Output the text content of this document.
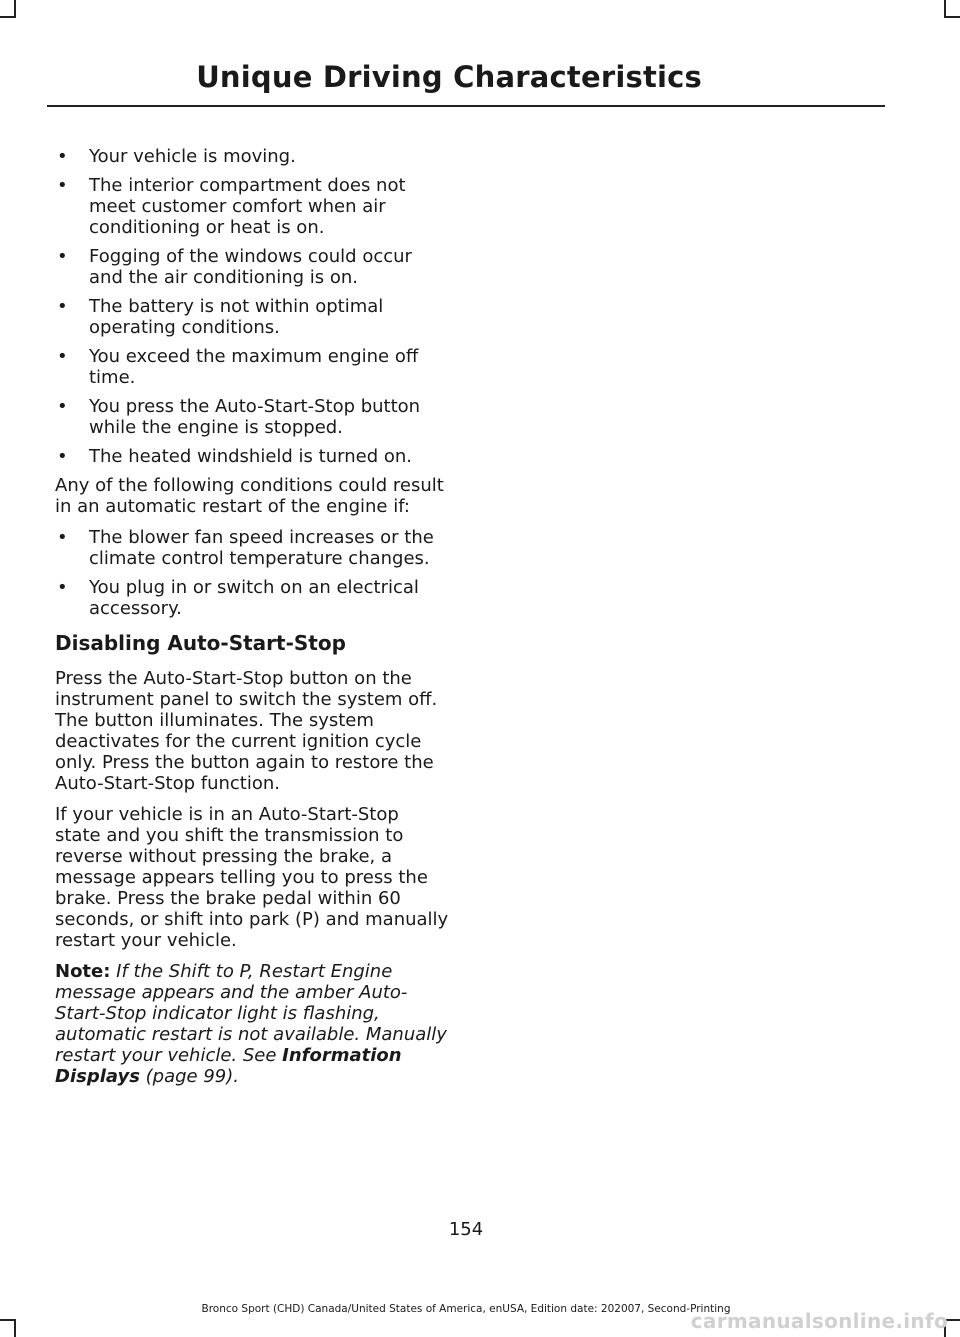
Unique Driving Characteristics
• Your vehicle is moving.
• The interior compartment does not meet customer comfort when air conditioning or heat is on.
• Fogging of the windows could occur and the air conditioning is on.
• The battery is not within optimal operating conditions.
• You exceed the maximum engine off time.
• You press the Auto-Start-Stop button while the engine is stopped.
• The heated windshield is turned on.

Any of the following conditions could result in an automatic restart of the engine if:

• The blower fan speed increases or the climate control temperature changes.
• You plug in or switch on an electrical accessory.
Disabling Auto-Start-Stop

Press the Auto-Start-Stop button on the instrument panel to switch the system off. The button illuminates. The system deactivates for the current ignition cycle only. Press the button again to restore the Auto-Start-Stop function.

If your vehicle is in an Auto-Start-Stop state and you shift the transmission to reverse without pressing the brake, a message appears telling you to press the brake. Press the brake pedal within 60 seconds, or shift into park (P) and manually restart your vehicle.

Note: If the Shift to P, Restart Engine message appears and the amber Auto-Start-Stop indicator light is flashing, automatic restart is not available. Manually restart your vehicle. See Information Displays (page 99).

154
Bronco Sport (CHD) Canada/United States of America, enUSA, Edition date: 202007, Second-Printing
carmanualsonline.info
